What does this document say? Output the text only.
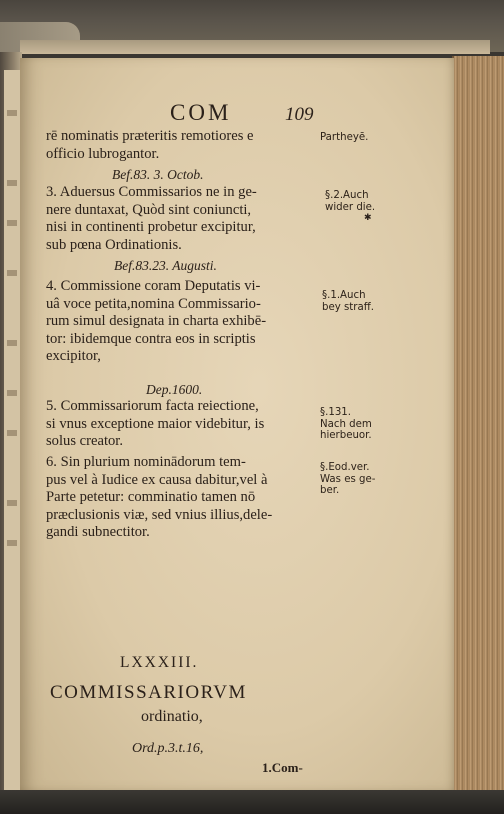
COM	109
rē nominatis prӕteritis remotiores e
officio lubrogantor.
Bef.83. 3. Octob.
3. Aduersus Commissarios ne in ge-
nere duntaxat, Quòd sint coniuncti,
nisi in continenti probetur excipitur,
sub pœna Ordinationis.
Bef.83.23. Augusti.
4. Commissione coram Deputatis vi-
uâ voce petita,nomina Commissario-
rum simul designata in charta exhibē-
tor: ibidemque contra eos in scriptis
excipitor,
Dep.1600.
5. Commissariorum facta reiectione,
si vnus exceptione maior videbitur, is
solus creator.
6. Sin plurium nominādorum tem-
pus vel à Iudice ex causa dabitur,vel à
Parte petetur: comminatio tamen nō
prӕclusionis viӕ, sed vnius illius,dele-
gandi subnectitor.
Partheyē.
✱
§.2.Auch
wider die.
§.1.Auch
bey straff.
§.131.
Nach dem
hierbeuor.
§.Eod.ver.
Was es ge-
ber.
LXXXIII.
COMMISSARIORVM
ordinatio,
Ord.p.3.t.16,
1.Com-
